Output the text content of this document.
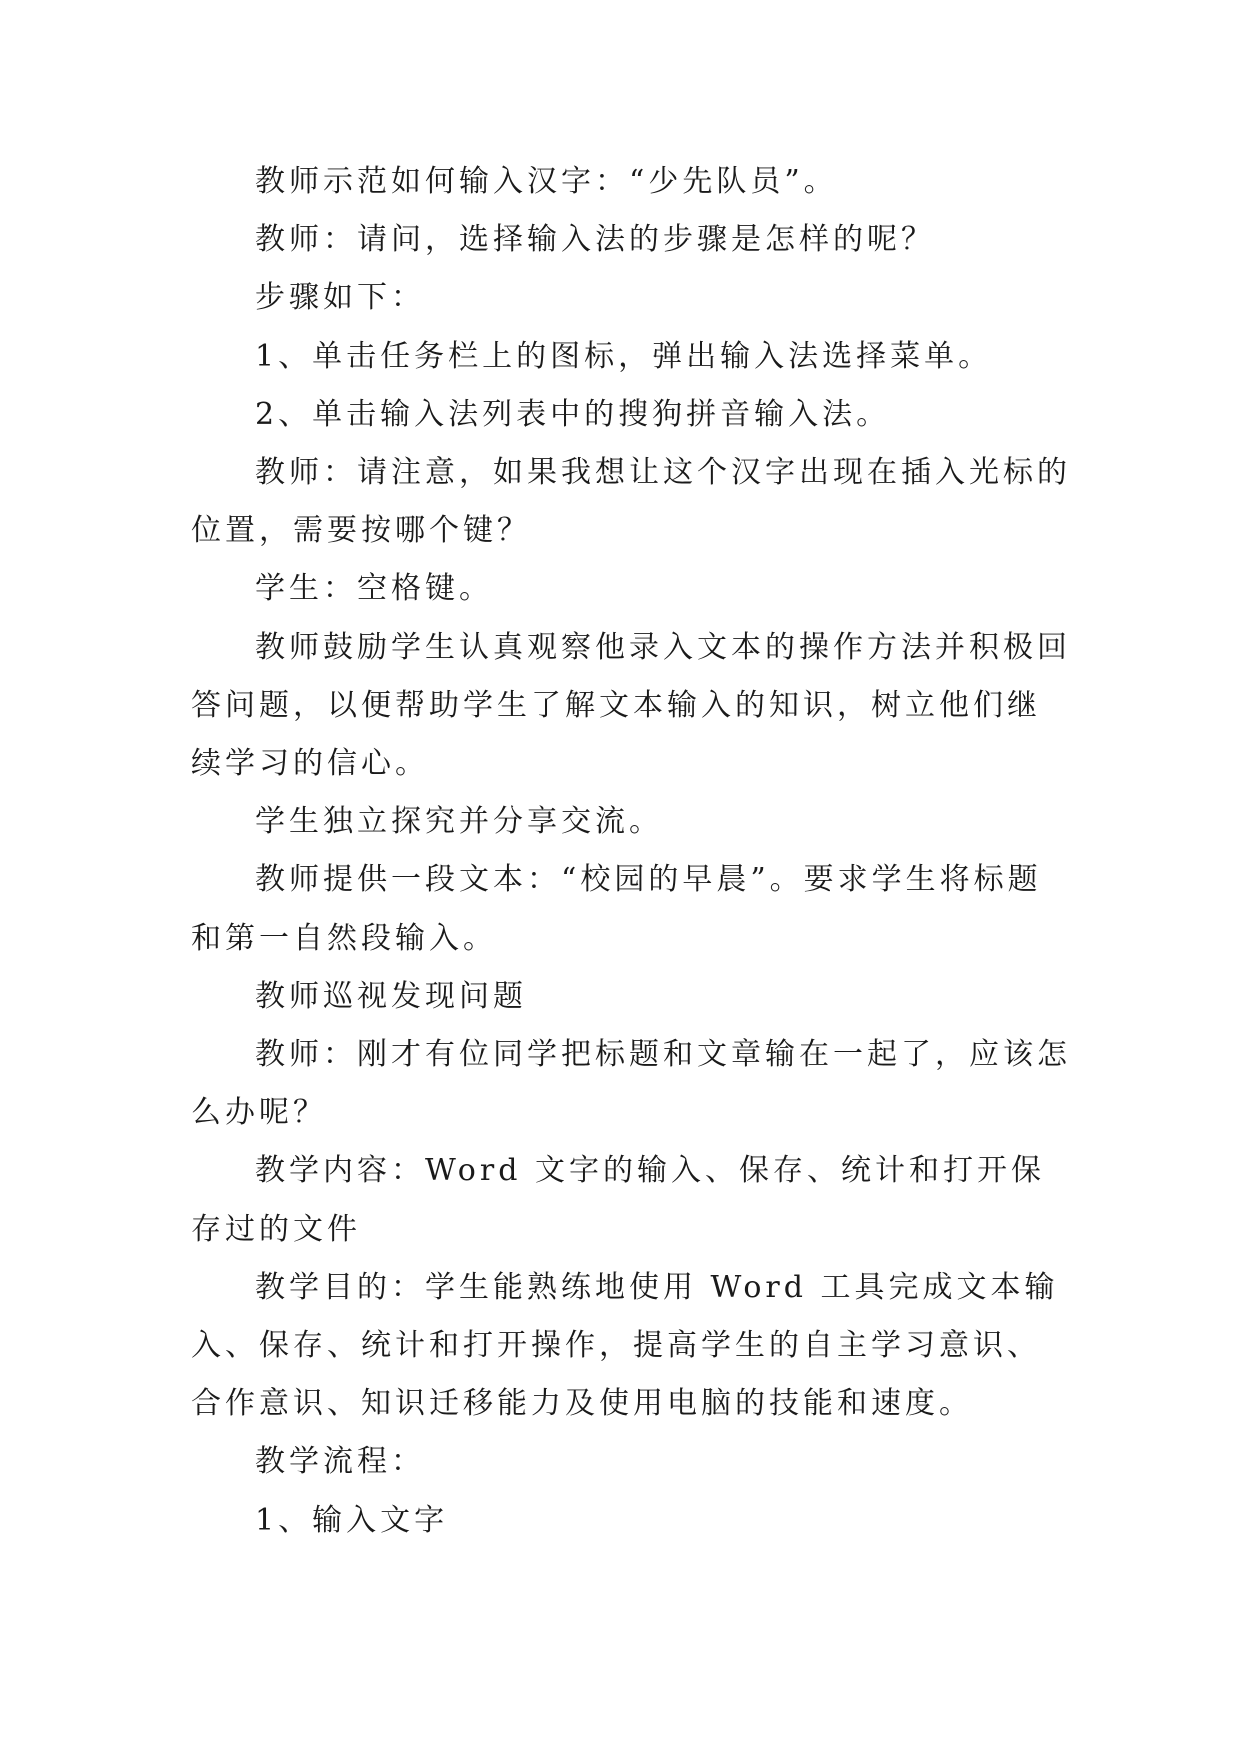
教师示范如何输入汉字：“少先队员”。

教师：请问，选择输入法的步骤是怎样的呢？

步骤如下：

1、单击任务栏上的图标，弹出输入法选择菜单。

2、单击输入法列表中的搜狗拼音输入法。

教师：请注意，如果我想让这个汉字出现在插入光标的位置，需要按哪个键？

学生：空格键。

教师鼓励学生认真观察他录入文本的操作方法并积极回答问题，以便帮助学生了解文本输入的知识，树立他们继续学习的信心。

学生独立探究并分享交流。

教师提供一段文本：“校园的早晨”。要求学生将标题和第一自然段输入。

教师巡视发现问题

教师：刚才有位同学把标题和文章输在一起了，应该怎么办呢？

教学内容：Word 文字的输入、保存、统计和打开保存过的文件

教学目的：学生能熟练地使用 Word 工具完成文本输入、保存、统计和打开操作，提高学生的自主学习意识、合作意识、知识迁移能力及使用电脑的技能和速度。

教学流程：

1、输入文字
